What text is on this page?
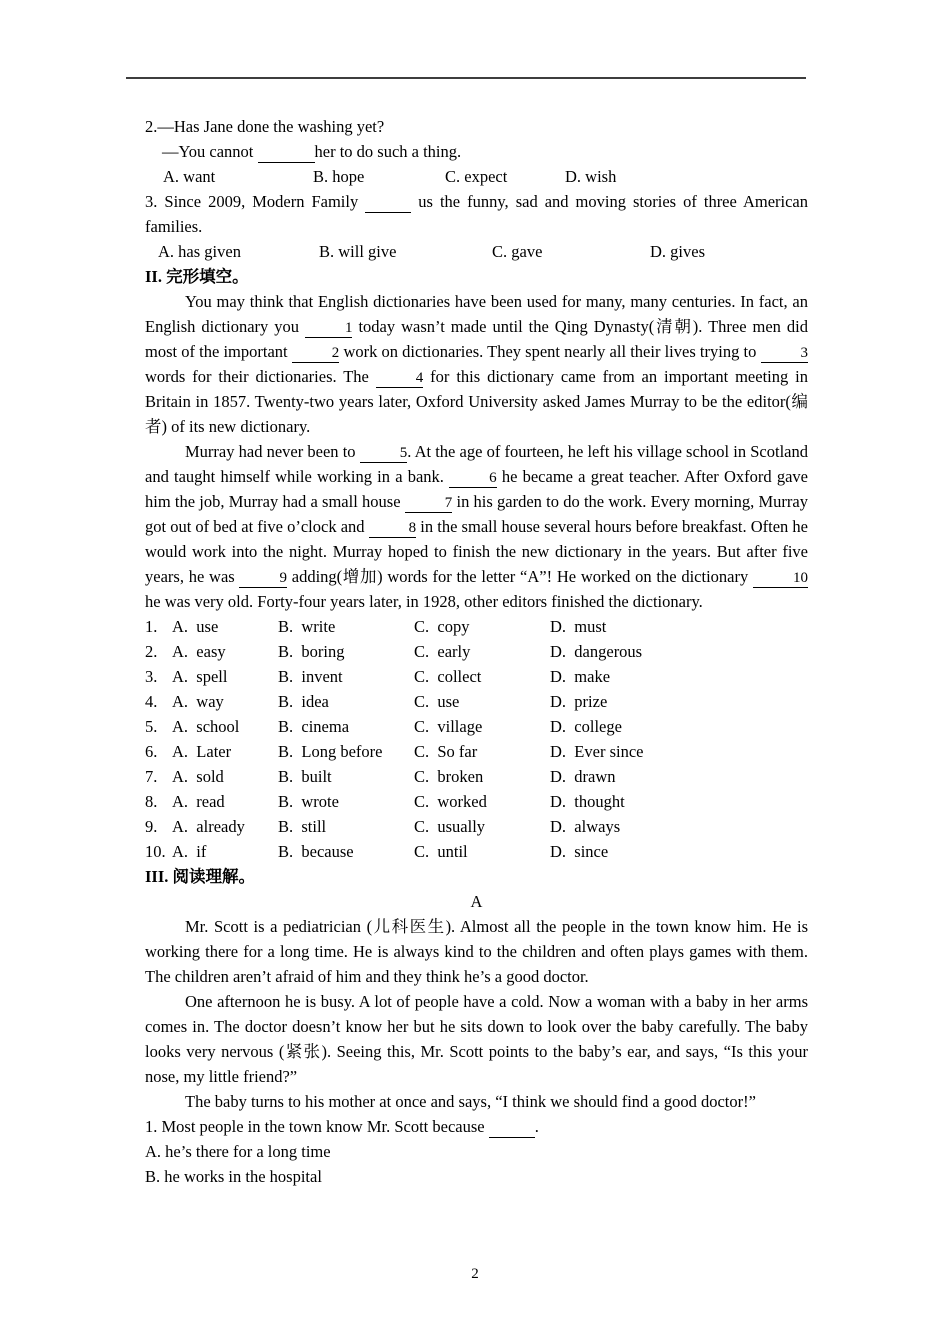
2.—Has Jane done the washing yet?

—You cannot	her to do such a thing.

A. want	B. hope	C. expect	D. wish

3. Since 2009, Modern Family	us the funny, sad and moving stories of three American families.

A. has given	B. will give	C. gave	D. gives

II. 完形填空。

You may think that English dictionaries have been used for many, many centuries. In fact, an English dictionary you	1 today wasn’t made until the Qing Dynasty(清朝). Three men did most of the important	2 work on dictionaries. They spent nearly all their lives trying to	3 words for their dictionaries. The	4 for this dictionary came from an important meeting in Britain in 1857. Twenty-two years later, Oxford University asked James Murray to be the editor(编者) of its new dictionary.

Murray had never been to	5. At the age of fourteen, he left his village school in Scotland and taught himself while working in a bank.	6 he became a great teacher. After Oxford gave him the job, Murray had a small house	7 in his garden to do the work. Every morning, Murray got out of bed at five o’clock and	8 in the small house several hours before breakfast. Often he would work into the night. Murray hoped to finish the new dictionary in the years. But after five years, he was	9 adding(增加) words for the letter “A”! He worked on the dictionary	10 he was very old. Forty-four years later, in 1928, other editors finished the dictionary.

1. A.  use	B.  write	C.  copy	D.  must

2. A.  easy	B.  boring	C.  early	D.  dangerous

3. A.  spell	B.  invent	C.  collect	D.  make

4. A.  way	B.  idea	C.  use	D.  prize

5. A.  school	B.  cinema	C.  village	D.  college

6. A.  Later	B.  Long before	C.  So far	D.  Ever since

7. A.  sold	B.  built	C.  broken	D.  drawn

8. A.  read	B.  wrote	C.  worked	D.  thought

9. A.  already	B.  still	C.  usually	D.  always

10. A.  if	B.  because	C.  until	D.  since

III. 阅读理解。

A

Mr. Scott is a pediatrician (儿科医生). Almost all the people in the town know him. He is working there for a long time. He is always kind to the children and often plays games with them. The children aren’t afraid of him and they think he’s a good doctor.

One afternoon he is busy. A lot of people have a cold. Now a woman with a baby in her arms comes in. The doctor doesn’t know her but he sits down to look over the baby carefully. The baby looks very nervous (紧张). Seeing this, Mr. Scott points to the baby’s ear, and says, “Is this your nose, my little friend?”

The baby turns to his mother at once and says, “I think we should find a good doctor!”

1. Most people in the town know Mr. Scott because	.

A. he’s there for a long time

B. he works in the hospital

2
